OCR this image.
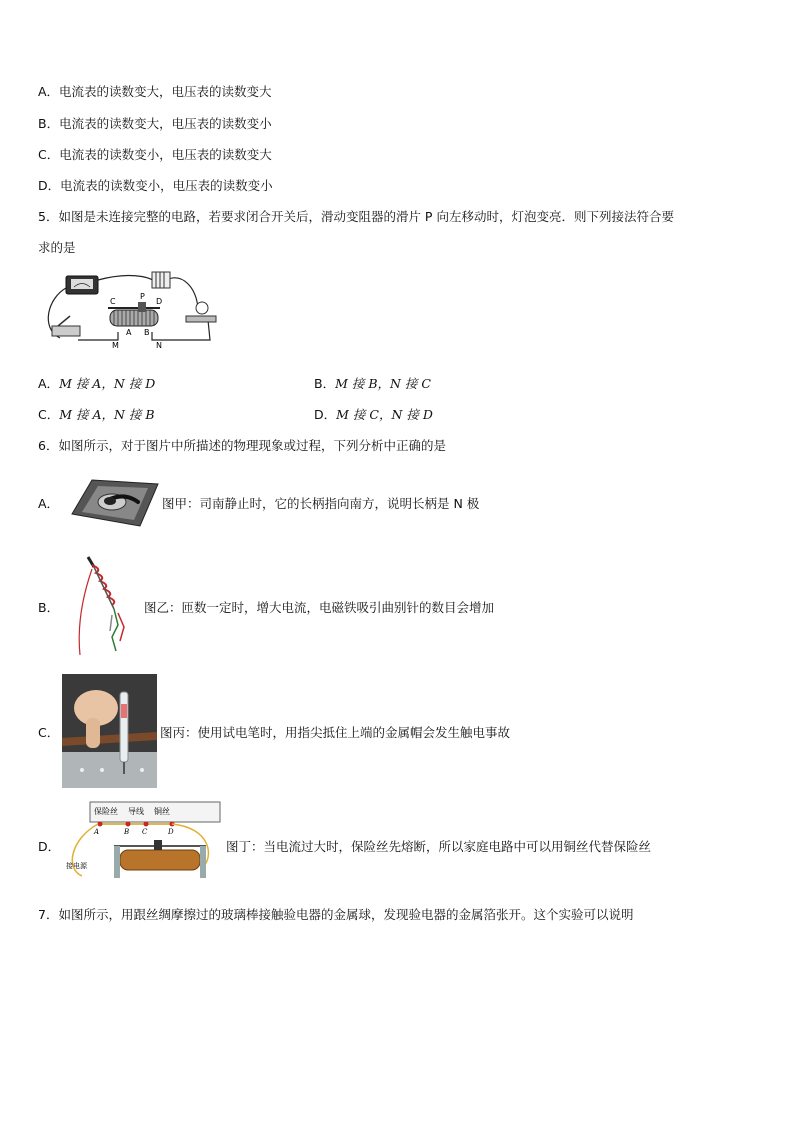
A．电流表的读数变大，电压表的读数变大
B．电流表的读数变大，电压表的读数变小
C．电流表的读数变小，电压表的读数变大
D．电流表的读数变小，电压表的读数变小
5．如图是未连接完整的电路，若要求闭合开关后，滑动变阻器的滑片 P 向左移动时，灯泡变亮．则下列接法符合要
求的是
C
P
D
A B
M	N
A．M 接 A，N 接 D	B．M 接 B，N 接 C
C．M 接 A，N 接 B	D．M 接 C，N 接 D
6．如图所示，对于图片中所描述的物理现象或过程，下列分析中正确的是
A．	图甲：司南静止时，它的长柄指向南方，说明长柄是 N 极
B．	图乙：匝数一定时，增大电流，电磁铁吸引曲别针的数目会增加
C．	图丙：使用试电笔时，用指尖抵住上端的金属帽会发生触电事故
D．
保险丝 导线 铜丝
A	B C	D
接电源
图丁：当电流过大时，保险丝先熔断，所以家庭电路中可以用铜丝代替保险丝
7．如图所示，用跟丝绸摩擦过的玻璃棒接触验电器的金属球，发现验电器的金属箔张开。这个实验可以说明
